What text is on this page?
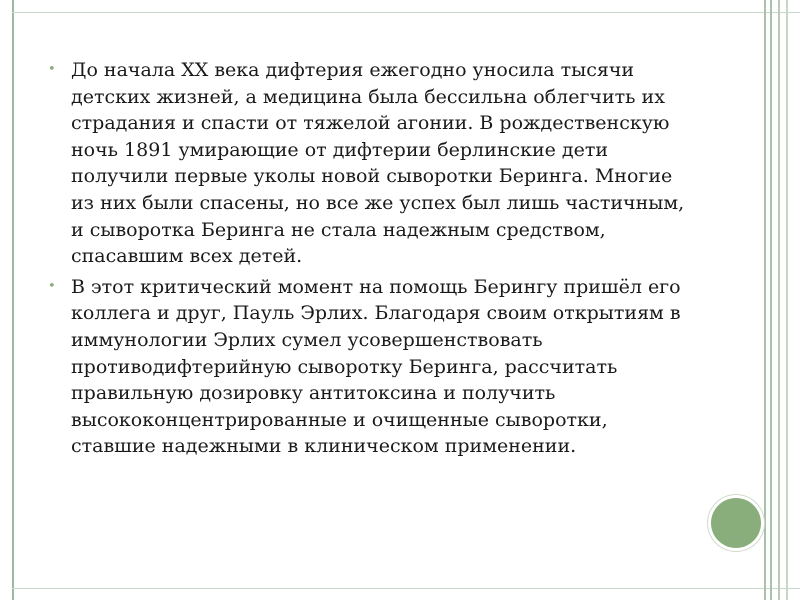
• До начала XX века дифтерия ежегодно уносила тысячи детских жизней, а медицина была бессильна облегчить их страдания и спасти от тяжелой агонии. В рождественскую ночь 1891 умирающие от дифтерии берлинские дети получили первые уколы новой сыворотки Беринга. Многие из них были спасены, но все же успех был лишь частичным, и сыворотка Беринга не стала надежным средством, спасавшим всех детей.
• В этот критический момент на помощь Берингу пришёл его коллега и друг, Пауль Эрлих. Благодаря своим открытиям в иммунологии Эрлих сумел усовершенствовать противодифтерийную сыворотку Беринга, рассчитать правильную дозировку антитоксина и получить высококонцентрированные и очищенные сыворотки, ставшие надежными в клиническом применении.
